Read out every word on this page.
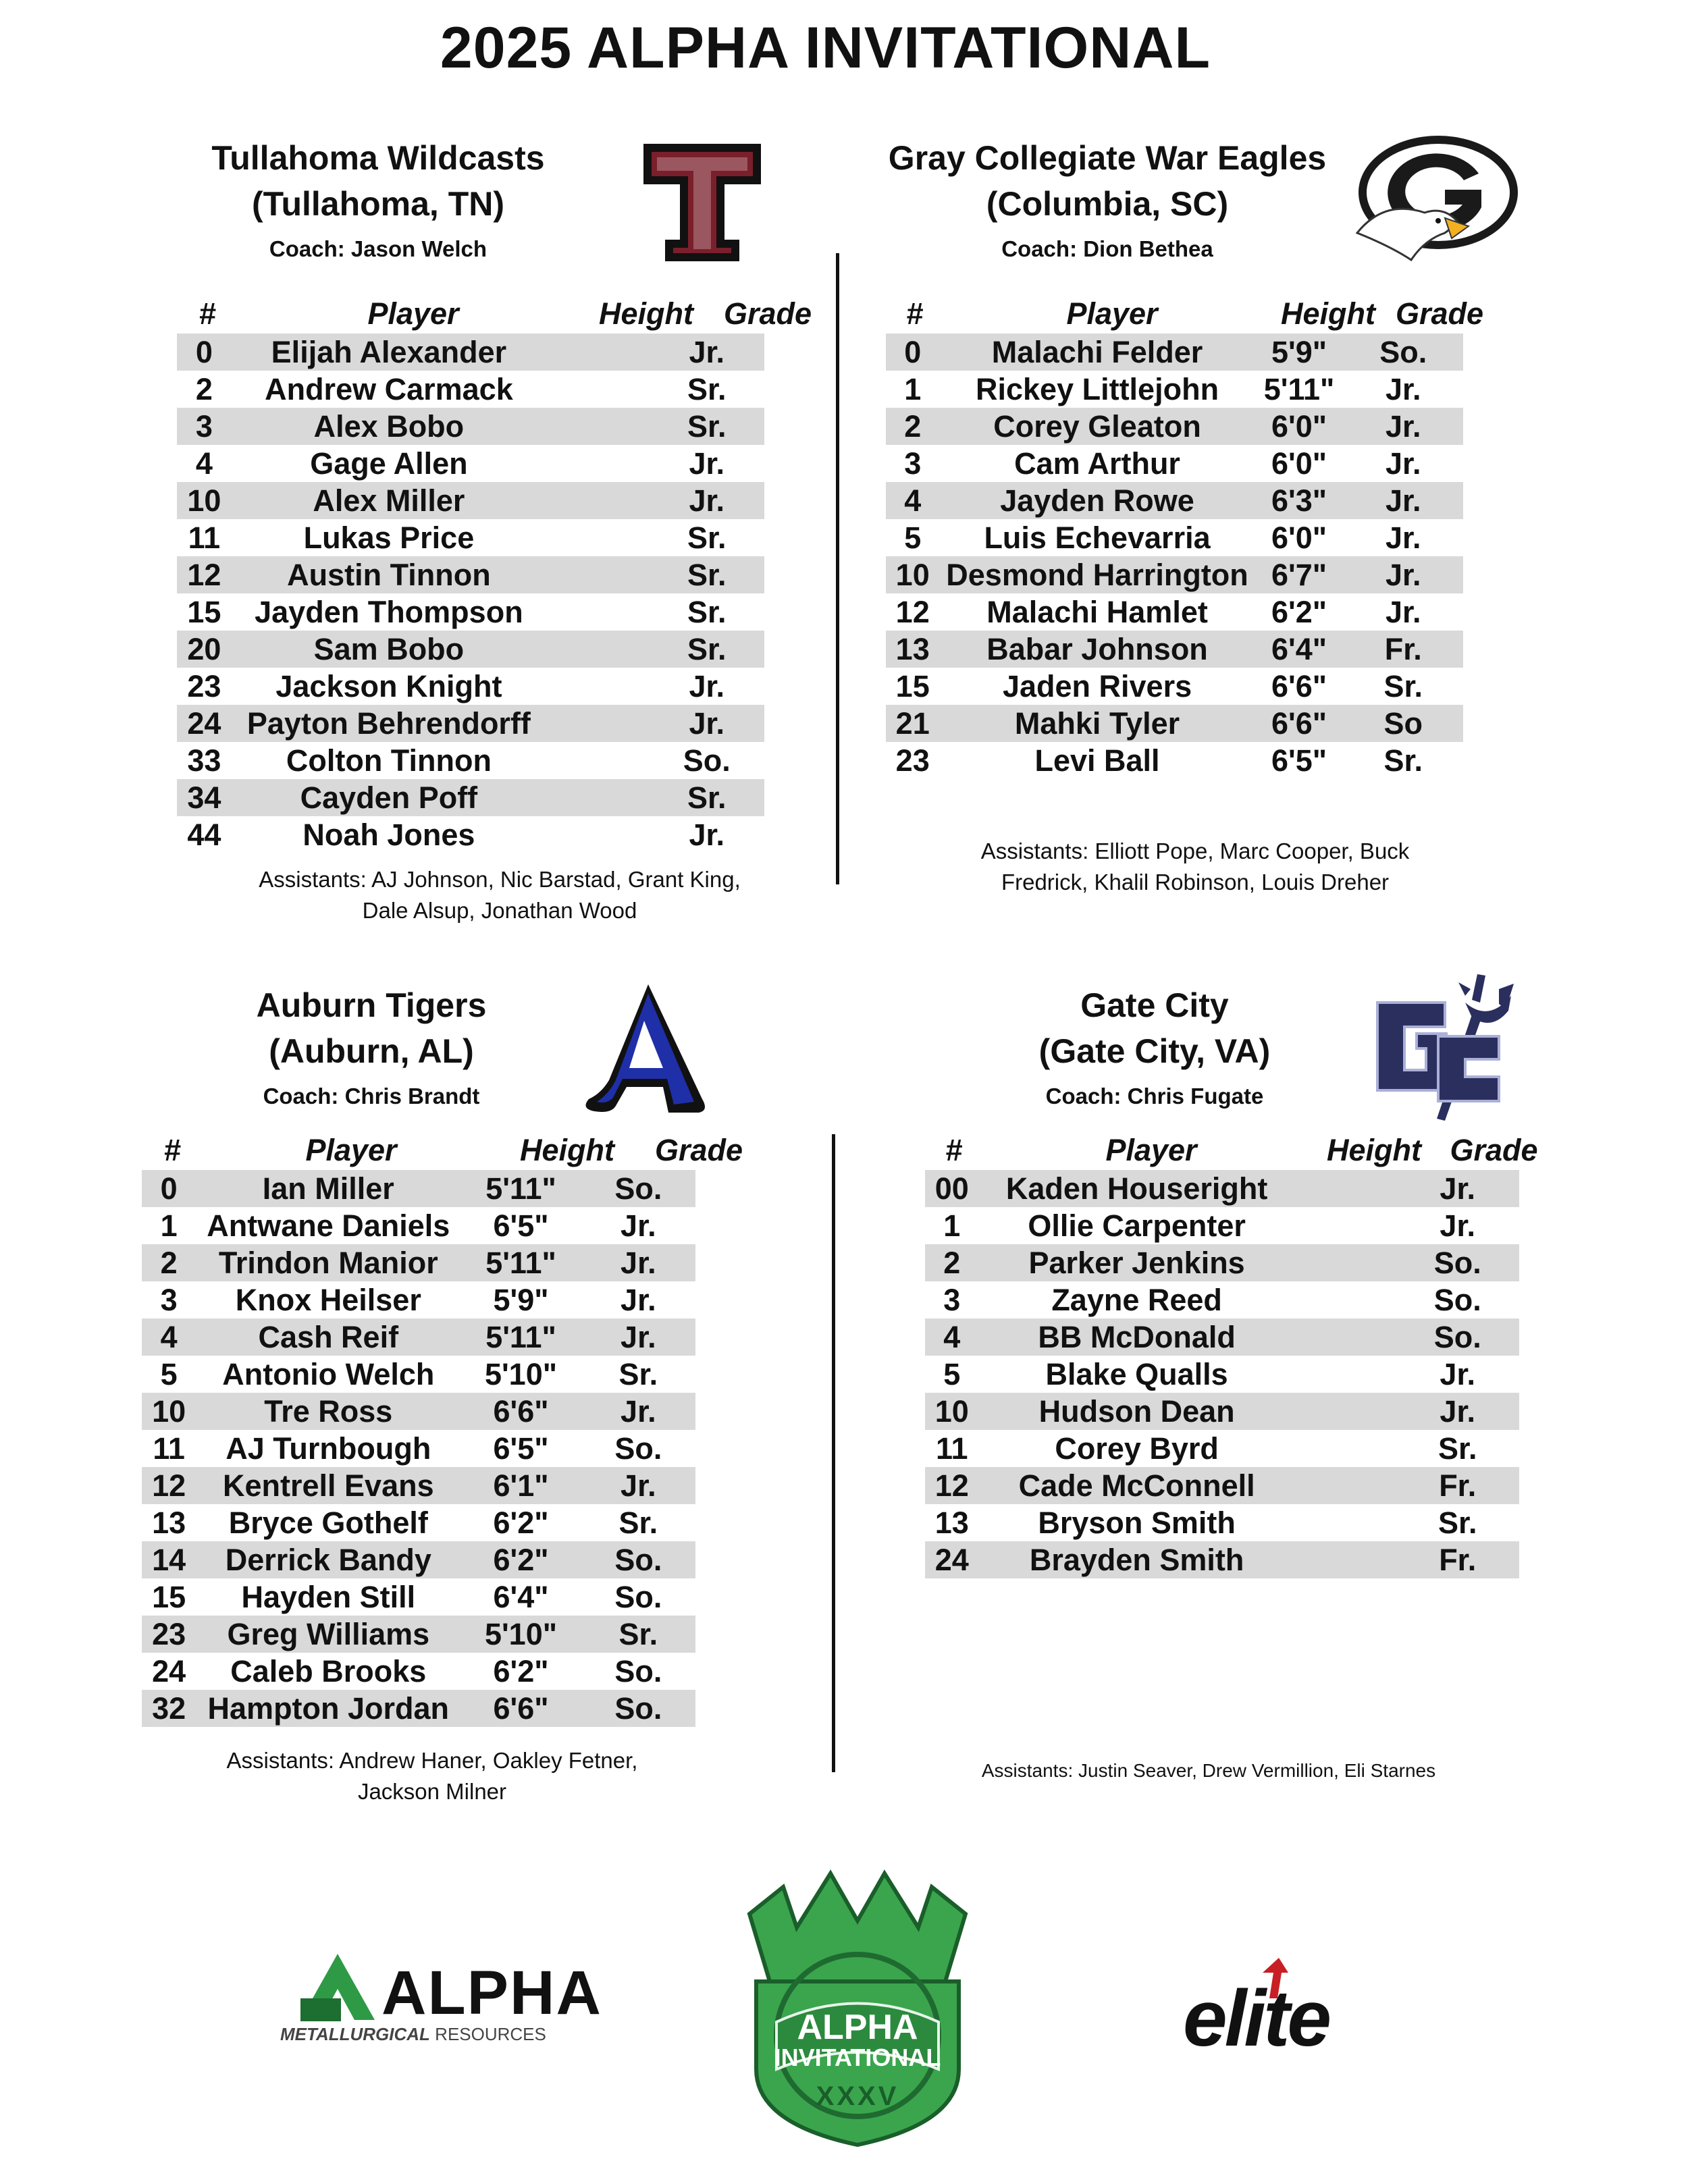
2025 ALPHA INVITATIONAL
Tullahoma Wildcasts
(Tullahoma, TN)
Coach: Jason Welch
#	Player	Height Grade
0	Elijah Alexander	Jr.
2	Andrew Carmack	Sr.
3	Alex Bobo	Sr.
4	Gage Allen	Jr.
10	Alex Miller	Jr.
11	Lukas Price	Sr.
12	Austin Tinnon	Sr.
15	Jayden Thompson	Sr.
20	Sam Bobo	Sr.
23	Jackson Knight	Jr.
24 Payton Behrendorff	Jr.
33	Colton Tinnon	So.
34	Cayden Poff	Sr.
44	Noah Jones	Jr.
Assistants: AJ Johnson, Nic Barstad, Grant King,
Dale Alsup, Jonathan Wood
Gray Collegiate War Eagles
(Columbia, SC)
Coach: Dion Bethea
#	Player	Height Grade
0	Malachi Felder	5'9"	So.
1	Rickey Littlejohn	5'11"	Jr.
2	Corey Gleaton	6'0"	Jr.
3	Cam Arthur	6'0"	Jr.
4	Jayden Rowe	6'3"	Jr.
5	Luis Echevarria	6'0"	Jr.
10 Desmond Harrington 6'7"	Jr.
12	Malachi Hamlet	6'2"	Jr.
13	Babar Johnson	6'4"	Fr.
15	Jaden Rivers	6'6"	Sr.
21	Mahki Tyler	6'6"	So
23	Levi Ball	6'5"	Sr.
Assistants: Elliott Pope, Marc Cooper, Buck
Fredrick, Khalil Robinson, Louis Dreher
Auburn Tigers
(Auburn, AL)
Coach: Chris Brandt
#	Player	Height	Grade
0	Ian Miller	5'11"	So.
1 Antwane Daniels	6'5"	Jr.
2	Trindon Manior	5'11"	Jr.
3	Knox Heilser	5'9"	Jr.
4	Cash Reif	5'11"	Jr.
5	Antonio Welch	5'10"	Sr.
10	Tre Ross	6'6"	Jr.
11	AJ Turnbough	6'5"	So.
12	Kentrell Evans	6'1"	Jr.
13	Bryce Gothelf	6'2"	Sr.
14	Derrick Bandy	6'2"	So.
15	Hayden Still	6'4"	So.
23	Greg Williams	5'10"	Sr.
24	Caleb Brooks	6'2"	So.
32 Hampton Jordan	6'6"	So.
Assistants: Andrew Haner, Oakley Fetner,
Jackson Milner
Gate City
(Gate City, VA)
Coach: Chris Fugate
#	Player	Height Grade
00	Kaden Houseright	Jr.
1	Ollie Carpenter	Jr.
2	Parker Jenkins	So.
3	Zayne Reed	So.
4	BB McDonald	So.
5	Blake Qualls	Jr.
10	Hudson Dean	Jr.
11	Corey Byrd	Sr.
12	Cade McConnell	Fr.
13	Bryson Smith	Sr.
24	Brayden Smith	Fr.
Assistants: Justin Seaver, Drew Vermillion, Eli Starnes
ALPHA
METALLURGICAL RESOURCES	ALPHA
INVITATIONAL
XXXV
elite
